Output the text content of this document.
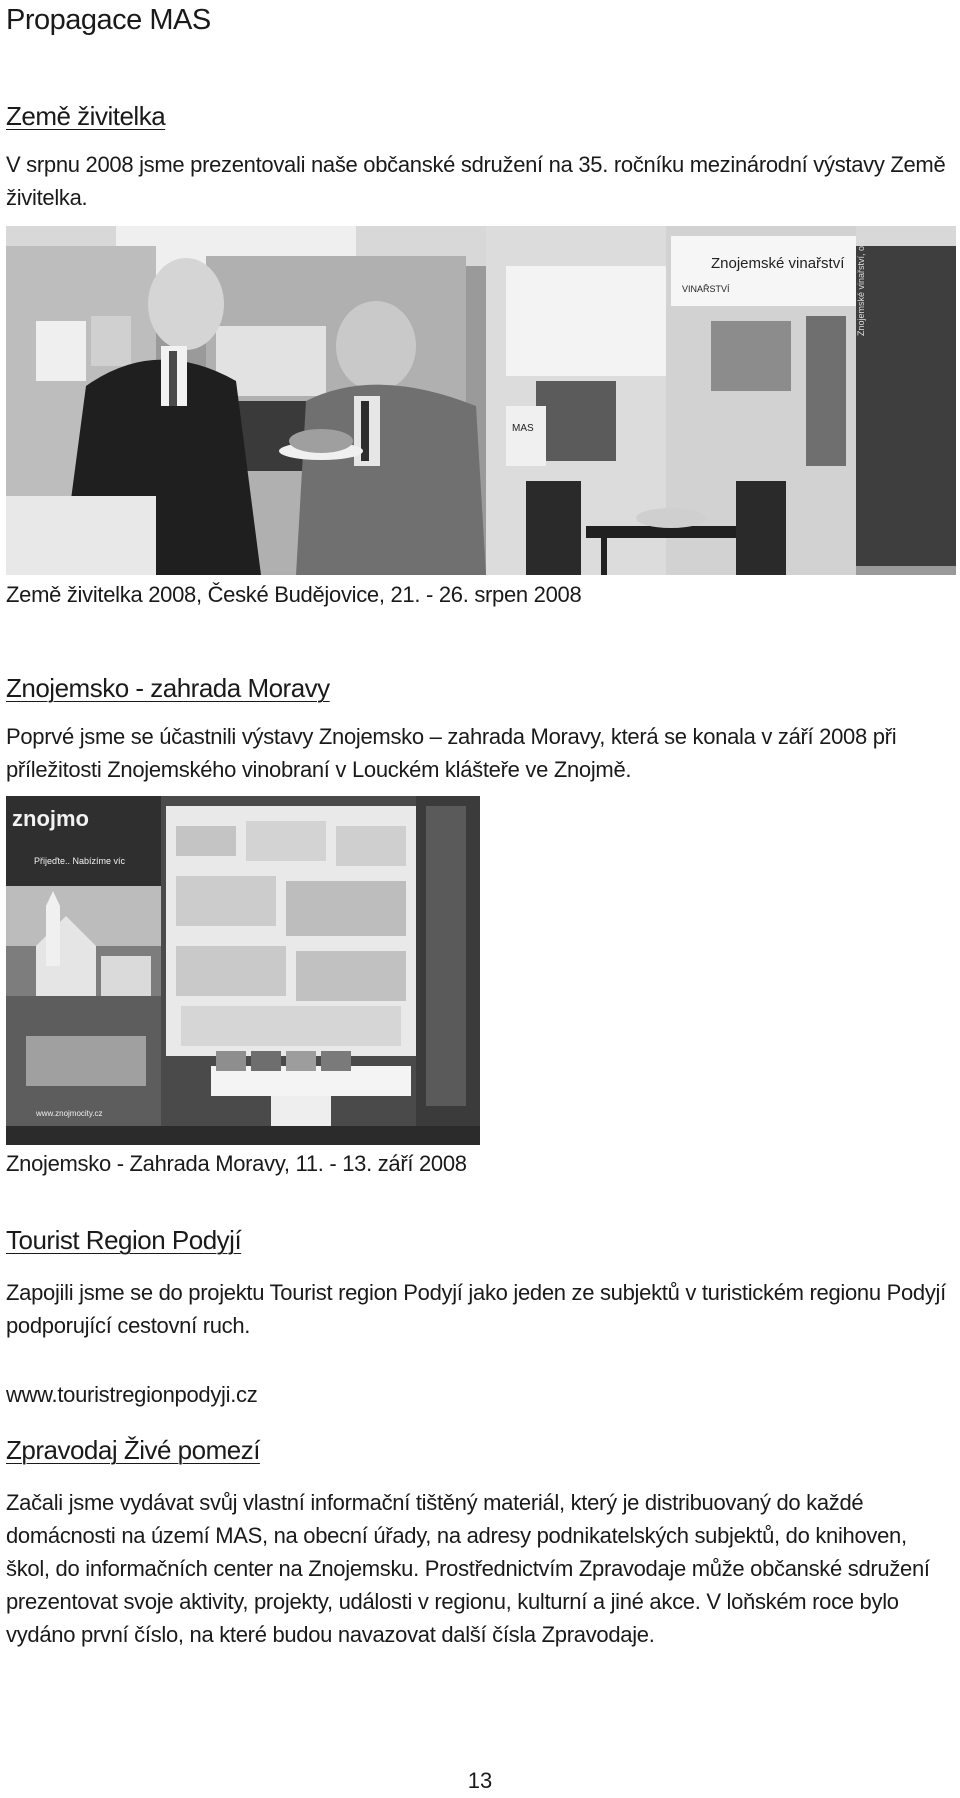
Propagace MAS
Země živitelka

V srpnu 2008 jsme prezentovali naše občanské sdružení na 35. ročníku mezinárodní výstavy Země živitelka.

Znojemské vinařství
VINAŘSTVÍ	Znojemské vinařství, o.s.
MAS

Země živitelka 2008, České Budějovice, 21. - 26. srpen 2008

Znojemsko - zahrada Moravy

Poprvé jsme se účastnili výstavy Znojemsko – zahrada Moravy, která se konala v září 2008 při příležitosti Znojemského vinobraní v Louckém klášteře ve Znojmě.

znojmo
Přijeďte.. Nabízíme víc
www.znojmocity.cz

Znojemsko - Zahrada Moravy, 11. - 13. září 2008

Tourist Region Podyjí

Zapojili jsme se do projektu Tourist region Podyjí jako jeden ze subjektů v turistickém regionu Podyjí podporující cestovní ruch.

www.touristregionpodyji.cz

Zpravodaj Živé pomezí

Začali jsme vydávat svůj vlastní informační tištěný materiál, který je distribuovaný do každé domácnosti na území MAS, na obecní úřady, na adresy podnikatelských subjektů, do knihoven, škol, do informačních center na Znojemsku. Prostřednictvím Zpravodaje může občanské sdružení prezentovat svoje aktivity, projekty, události v regionu, kulturní a jiné akce. V loňském roce bylo vydáno první číslo, na které budou navazovat další čísla Zpravodaje.

13
